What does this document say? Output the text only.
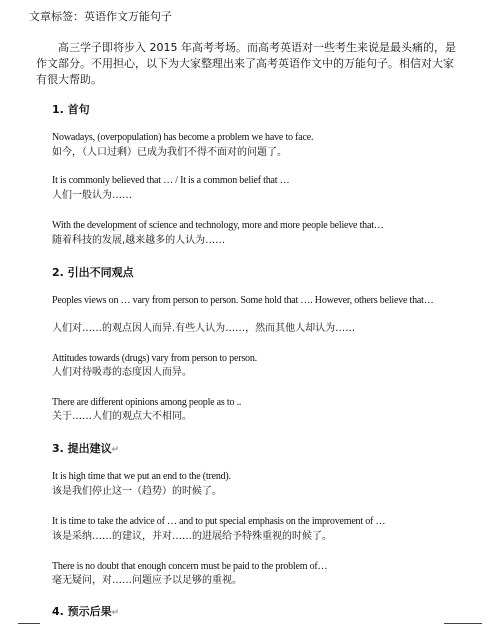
文章标签：英语作文万能句子
高三学子即将步入 2015 年高考考场。而高考英语对一些考生来说是最头痛的，是作文部分。不用担心，以下为大家整理出来了高考英语作文中的万能句子。相信对大家有很大帮助。
1. 首句
Nowadays, (overpopulation) has become a problem we have to face.
如今，（人口过剩）已成为我们不得不面对的问题了。
It is commonly believed that … / It is a common belief that …
人们一般认为……
With the development of science and technology, more and more people believe that…
随着科技的发展,越来越多的人认为……
2. 引出不同观点
Peoples views on … vary from person to person. Some hold that …. However, others believe that…
人们对……的观点因人而异.有些人认为……，然而其他人却认为……
Attitudes towards (drugs) vary from person to person.
人们对待吸毒的态度因人而异。
There are different opinions among people as to ..
关于……人们的观点大不相同。
3. 提出建议↵
It is high time that we put an end to the (trend).
该是我们停止这一（趋势）的时候了。
It is time to take the advice of … and to put special emphasis on the improvement of …
该是采纳……的建议，并对……的进展给予特殊重视的时候了。
There is no doubt that enough concern must be paid to the problem of…
毫无疑问，对……问题应予以足够的重视。
4. 预示后果↵
